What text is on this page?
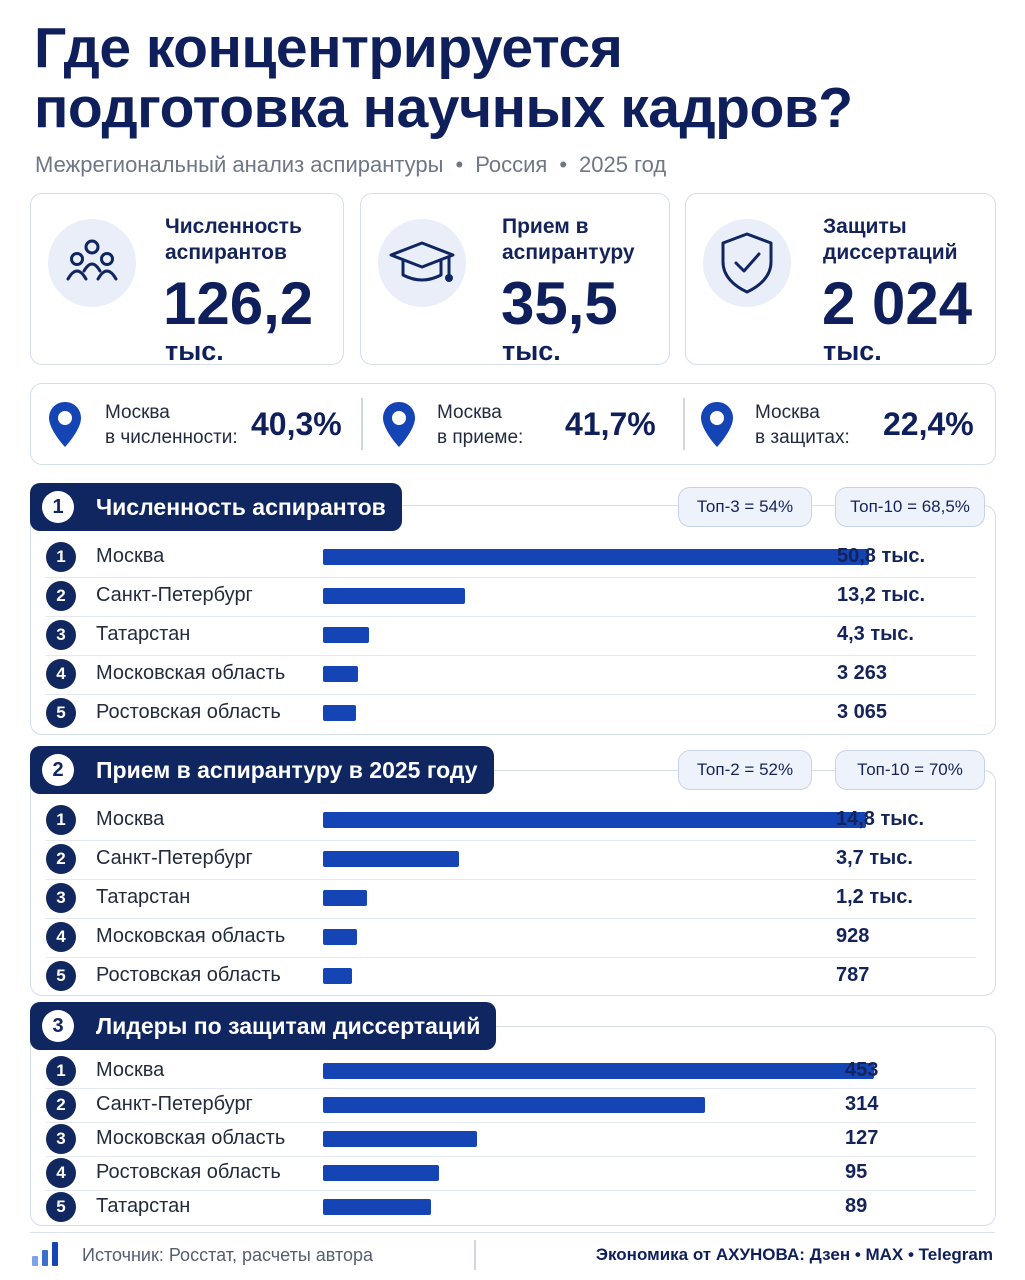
Где концентрируется
подготовка научных кадров?
Межрегиональный анализ аспирантуры • Россия • 2025 год
Численность
аспирантов
126,2
тыс.
Прием в
аспирантуру
35,5
тыс.
Защиты
диссертаций
2 024
тыс.
Москва
в численности: 40,3%	Москва
в приеме: 41,7%	Москва
в защитах: 22,4%
1	Численность аспирантов	Топ-3 = 54%	Топ-10 = 68,5%
1	Москва	50,8 тыс.
2	Санкт-Петербург	13,2 тыс.
3	Татарстан	4,3 тыс.
4	Московская область	3 263
5	Ростовская область	3 065
2	Прием в аспирантуру в 2025 году	Топ-2 = 52%	Топ-10 = 70%
1	Москва	14,8 тыс.
2	Санкт-Петербург	3,7 тыс.
3	Татарстан	1,2 тыс.
4	Московская область	928
5	Ростовская область	787
3	Лидеры по защитам диссертаций
1	Москва	453
2	Санкт-Петербург	314
3	Московская область	127
4	Ростовская область	95
5	Татарстан	89
Источник: Росстат, расчеты автора	Экономика от АХУНОВА: Дзен • MAX • Telegram
